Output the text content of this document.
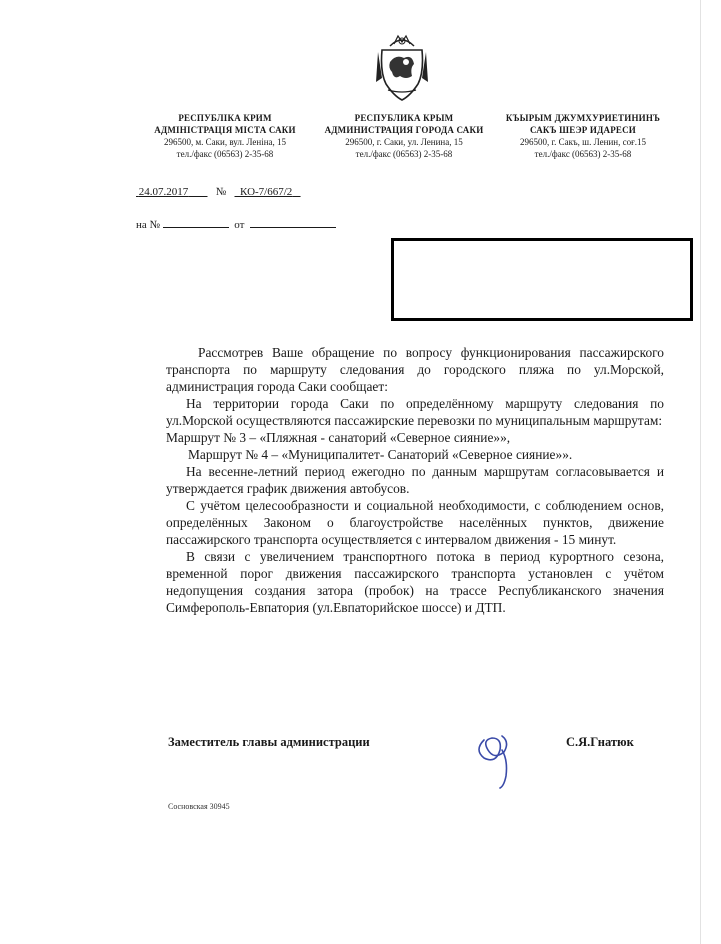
РЕСПУБЛІКА КРИМ
АДМІНІСТРАЦІЯ МІСТА САКИ
296500, м. Саки, вул. Леніна, 15
тел./факс (06563) 2-35-68
РЕСПУБЛИКА КРЫМ
АДМИНИСТРАЦИЯ ГОРОДА САКИ
296500, г. Саки, ул. Ленина, 15
тел./факс (06563) 2-35-68
КЪЫРЫМ ДЖУМХУРИЕТИНИНЪ
САКЪ ШЕЭР ИДАРЕСИ
296500, г. Сакъ, ш. Ленин, соғ.15
тел./факс (06563) 2-35-68
24.07.2017	№ КО-7/667/2
на №	от

Рассмотрев Ваше обращение по вопросу функционирования пассажирского транспорта по маршруту следования до городского пляжа по ул.Морской, администрация города Саки сообщает:

На территории города Саки по определённому маршруту следования по ул.Морской осуществляются пассажирские перевозки по муниципальным маршрутам:

Маршрут № 3 – «Пляжная - санаторий «Северное сияние»»,

Маршрут № 4 – «Муниципалитет- Санаторий «Северное сияние»».

На весенне-летний период ежегодно по данным маршрутам согласовывается и утверждается график движения автобусов.

С учётом целесообразности и социальной необходимости, с соблюдением основ, определённых Законом о благоустройстве населённых пунктов, движение пассажирского транспорта осуществляется с интервалом движения - 15 минут.

В связи с увеличением транспортного потока в период курортного сезона, временной порог движения пассажирского транспорта установлен с учётом недопущения создания затора (пробок) на трассе Республиканского значения Симферополь-Евпатория (ул.Евпаторийское шоссе) и ДТП.

Заместитель главы администрации	С.Я.Гнатюк
Сосновская 30945
